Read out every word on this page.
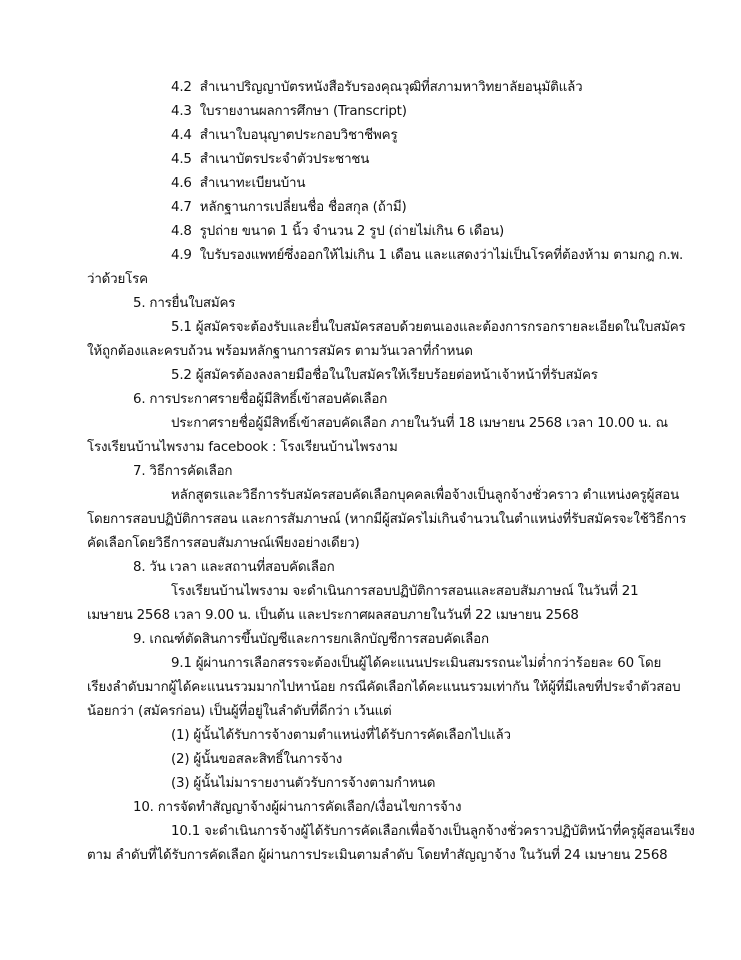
4.2 สำเนาปริญญาบัตรหนังสือรับรองคุณวุฒิที่สภามหาวิทยาลัยอนุมัติแล้ว
4.3 ใบรายงานผลการศึกษา (Transcript)
4.4 สำเนาใบอนุญาตประกอบวิชาชีพครู
4.5 สำเนาบัตรประจำตัวประชาชน
4.6 สำเนาทะเบียนบ้าน
4.7 หลักฐานการเปลี่ยนชื่อ ชื่อสกุล (ถ้ามี)
4.8 รูปถ่าย ขนาด 1 นิ้ว จำนวน 2 รูป (ถ่ายไม่เกิน 6 เดือน)
4.9 ใบรับรองแพทย์ซึ่งออกให้ไม่เกิน 1 เดือน และแสดงว่าไม่เป็นโรคที่ต้องห้าม ตามกฎ ก.พ.
ว่าด้วยโรค
5. การยื่นใบสมัคร
5.1 ผู้สมัครจะต้องรับและยื่นใบสมัครสอบด้วยตนเองและต้องการกรอกรายละเอียดในใบสมัคร
ให้ถูกต้องและครบถ้วน พร้อมหลักฐานการสมัคร ตามวันเวลาที่กำหนด
5.2 ผู้สมัครต้องลงลายมือชื่อในใบสมัครให้เรียบร้อยต่อหน้าเจ้าหน้าที่รับสมัคร
6. การประกาศรายชื่อผู้มีสิทธิ์เข้าสอบคัดเลือก
ประกาศรายชื่อผู้มีสิทธิ์เข้าสอบคัดเลือก ภายในวันที่ 18 เมษายน 2568 เวลา 10.00 น. ณ
โรงเรียนบ้านไพรงาม facebook : โรงเรียนบ้านไพรงาม
7. วิธีการคัดเลือก
หลักสูตรและวิธีการรับสมัครสอบคัดเลือกบุคคลเพื่อจ้างเป็นลูกจ้างชั่วคราว ตำแหน่งครูผู้สอน
โดยการสอบปฏิบัติการสอน และการสัมภาษณ์ (หากมีผู้สมัครไม่เกินจำนวนในตำแหน่งที่รับสมัครจะใช้วิธีการ
คัดเลือกโดยวิธีการสอบสัมภาษณ์เพียงอย่างเดียว)
8. วัน เวลา และสถานที่สอบคัดเลือก
โรงเรียนบ้านไพรงาม จะดำเนินการสอบปฏิบัติการสอนและสอบสัมภาษณ์ ในวันที่ 21
เมษายน 2568 เวลา 9.00 น. เป็นต้น และประกาศผลสอบภายในวันที่ 22 เมษายน 2568
9. เกณฑ์ตัดสินการขึ้นบัญชีและการยกเลิกบัญชีการสอบคัดเลือก
9.1 ผู้ผ่านการเลือกสรรจะต้องเป็นผู้ได้คะแนนประเมินสมรรถนะไม่ต่ำกว่าร้อยละ 60 โดย
เรียงลำดับมากผู้ได้คะแนนรวมมากไปหาน้อย กรณีคัดเลือกได้คะแนนรวมเท่ากัน ให้ผู้ที่มีเลขที่ประจำตัวสอบ
น้อยกว่า (สมัครก่อน) เป็นผู้ที่อยู่ในลำดับที่ดีกว่า เว้นแต่
(1) ผู้นั้นได้รับการจ้างตามตำแหน่งที่ได้รับการคัดเลือกไปแล้ว
(2) ผู้นั้นขอสละสิทธิ์ในการจ้าง
(3) ผู้นั้นไม่มารายงานตัวรับการจ้างตามกำหนด
10. การจัดทำสัญญาจ้างผู้ผ่านการคัดเลือก/เงื่อนไขการจ้าง
10.1 จะดำเนินการจ้างผู้ได้รับการคัดเลือกเพื่อจ้างเป็นลูกจ้างชั่วคราวปฏิบัติหน้าที่ครูผู้สอนเรียง
ตาม ลำดับที่ได้รับการคัดเลือก ผู้ผ่านการประเมินตามลำดับ โดยทำสัญญาจ้าง ในวันที่ 24 เมษายน 2568
